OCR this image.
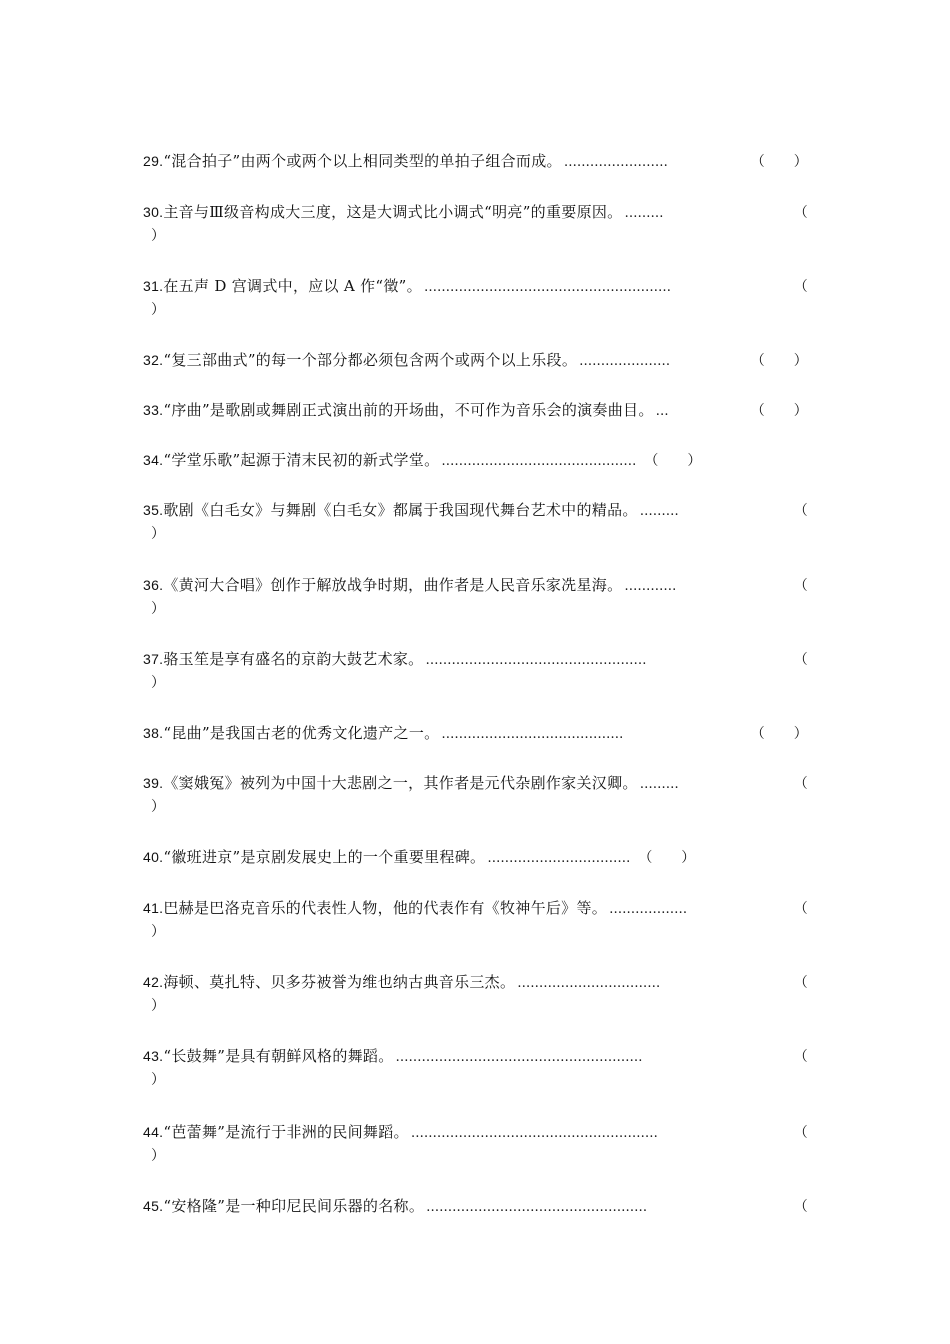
29. “混合拍子”由两个或两个以上相同类型的单拍子组合而成。 ……………………	（　　）
30. 主音与Ⅲ级音构成大三度，这是大调式比小调式“明亮”的重要原因。 ………	（
）
31. 在五声 D 宫调式中，应以 A 作“徵”。 …………………………………………………	（
）
32. “复三部曲式”的每一个部分都必须包含两个或两个以上乐段。 …………………	（　　）
33. “序曲”是歌剧或舞剧正式演出前的开场曲，不可作为音乐会的演奏曲目。 …	（　　）
34. “学堂乐歌”起源于清末民初的新式学堂。 ……………………………………… （　　）
35. 歌剧《白毛女》与舞剧《白毛女》都属于我国现代舞台艺术中的精品。 ………	（
）
36. 《黄河大合唱》创作于解放战争时期，曲作者是人民音乐家冼星海。 …………	（
）
37. 骆玉笙是享有盛名的京韵大鼓艺术家。 ……………………………………………	（
）
38. “昆曲”是我国古老的优秀文化遗产之一。 ……………………………………	（　　）
39. 《窦娥冤》被列为中国十大悲剧之一，其作者是元代杂剧作家关汉卿。 ………	（
）
40. “徽班进京”是京剧发展史上的一个重要里程碑。 …………………………… （　　）
41. 巴赫是巴洛克音乐的代表性人物，他的代表作有《牧神午后》等。 ………………	（
）
42. 海顿、莫扎特、贝多芬被誉为维也纳古典音乐三杰。 ……………………………	（
）
43. “长鼓舞”是具有朝鲜风格的舞蹈。 …………………………………………………	（
）
44. “芭蕾舞”是流行于非洲的民间舞蹈。 …………………………………………………	（
）
45. “安格隆”是一种印尼民间乐器的名称。 ……………………………………………	（
